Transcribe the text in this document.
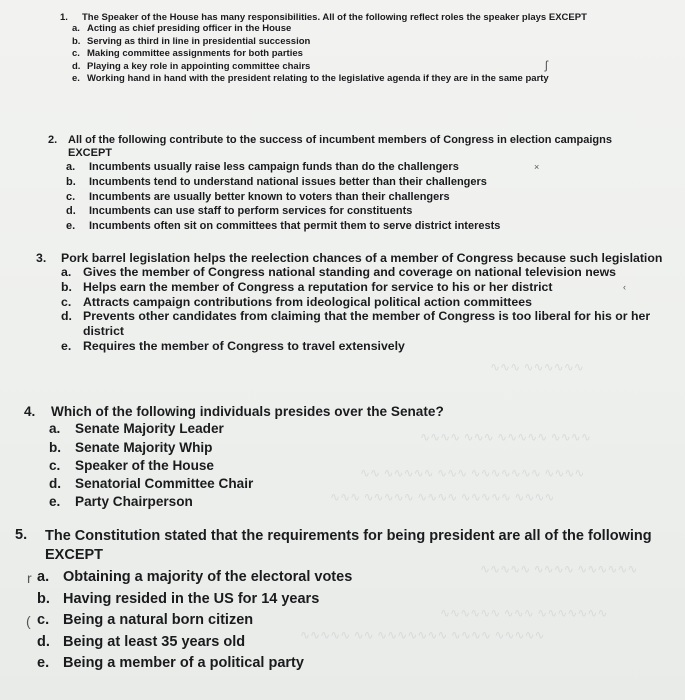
∿∿∿ ∿∿∿∿∿∿
∿∿∿∿ ∿∿∿ ∿∿∿∿∿ ∿∿∿∿
∿∿ ∿∿∿∿∿ ∿∿∿ ∿∿∿∿∿∿∿ ∿∿∿∿
∿∿∿ ∿∿∿∿∿ ∿∿∿∿ ∿∿∿∿∿ ∿∿∿∿
∿∿∿∿∿ ∿∿∿∿ ∿∿∿∿∿∿
∿∿∿∿∿∿ ∿∿∿ ∿∿∿∿∿∿∿
∿∿∿∿∿ ∿∿ ∿∿∿∿∿∿∿ ∿∿∿∿ ∿∿∿∿∿
1. The Speaker of the House has many responsibilities. All of the following reflect roles the speaker plays EXCEPT
a. Acting as chief presiding officer in the House
b. Serving as third in line in presidential succession
c. Making committee assignments for both parties
d. Playing a key role in appointing committee chairs	ʃ
e. Working hand in hand with the president relating to the legislative agenda if they are in the same party
2. All of the following contribute to the success of incumbent members of Congress in election campaigns EXCEPT
a. Incumbents usually raise less campaign funds than do the challengers	×
b. Incumbents tend to understand national issues better than their challengers
c. Incumbents are usually better known to voters than their challengers
d. Incumbents can use staff to perform services for constituents
e. Incumbents often sit on committees that permit them to serve district interests
3. Pork barrel legislation helps the reelection chances of a member of Congress because such legislation
a. Gives the member of Congress national standing and coverage on national television news
b. Helps earn the member of Congress a reputation for service to his or her district	‹
c. Attracts campaign contributions from ideological political action committees
d. Prevents other candidates from claiming that the member of Congress is too liberal for his or her district
e. Requires the member of Congress to travel extensively
4. Which of the following individuals presides over the Senate?
a. Senate Majority Leader
b. Senate Majority Whip
c. Speaker of the House
d. Senatorial Committee Chair
e. Party Chairperson
5. The Constitution stated that the requirements for being president are all of the following EXCEPT
r a. Obtaining a majority of the electoral votes
b. Having resided in the US for 14 years
( c. Being a natural born citizen
d. Being at least 35 years old
e. Being a member of a political party
